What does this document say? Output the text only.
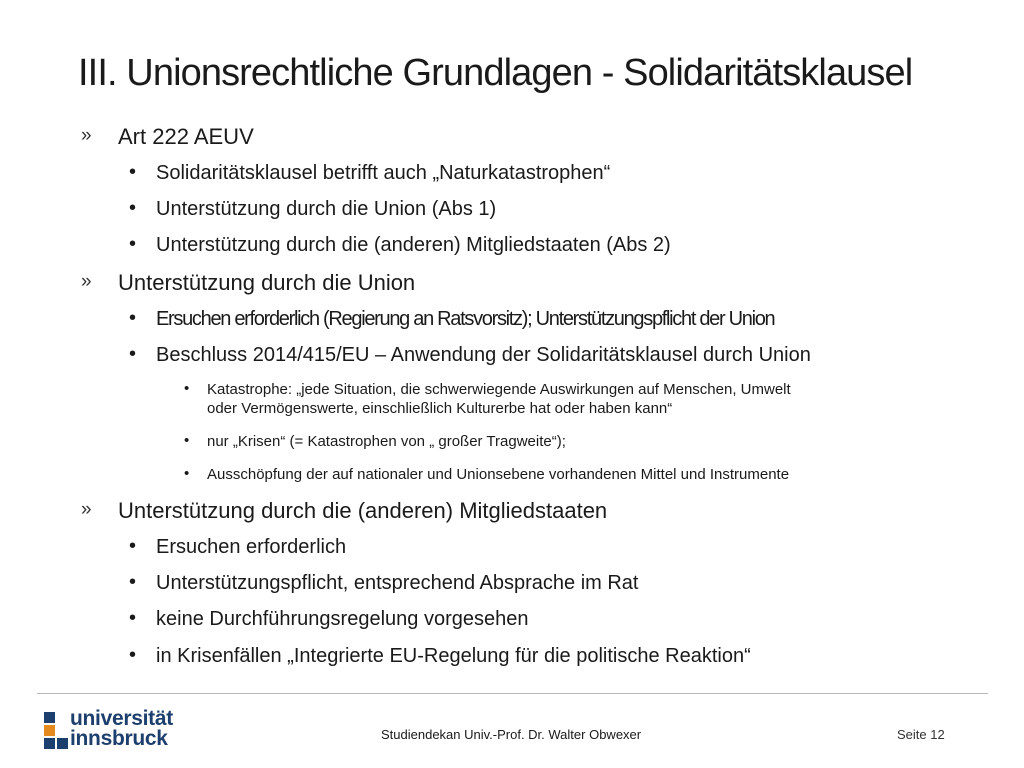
III. Unionsrechtliche Grundlagen - Solidaritätsklausel
» Art 222 AEUV
• Solidaritätsklausel betrifft auch „Naturkatastrophen“
• Unterstützung durch die Union (Abs 1)
• Unterstützung durch die (anderen) Mitgliedstaaten (Abs 2)
» Unterstützung durch die Union
• Ersuchen erforderlich (Regierung an Ratsvorsitz); Unterstützungspflicht der Union
• Beschluss 2014/415/EU – Anwendung der Solidaritätsklausel durch Union
• Katastrophe: „jede Situation, die schwerwiegende Auswirkungen auf Menschen, Umwelt
oder Vermögenswerte, einschließlich Kulturerbe hat oder haben kann“
• nur „Krisen“ (= Katastrophen von „ großer Tragweite“);
• Ausschöpfung der auf nationaler und Unionsebene vorhandenen Mittel und Instrumente
» Unterstützung durch die (anderen) Mitgliedstaaten
• Ersuchen erforderlich
• Unterstützungspflicht, entsprechend Absprache im Rat
• keine Durchführungsregelung vorgesehen
• in Krisenfällen „Integrierte EU-Regelung für die politische Reaktion“
universität
innsbruck	Studiendekan Univ.-Prof. Dr. Walter Obwexer	Seite 12
